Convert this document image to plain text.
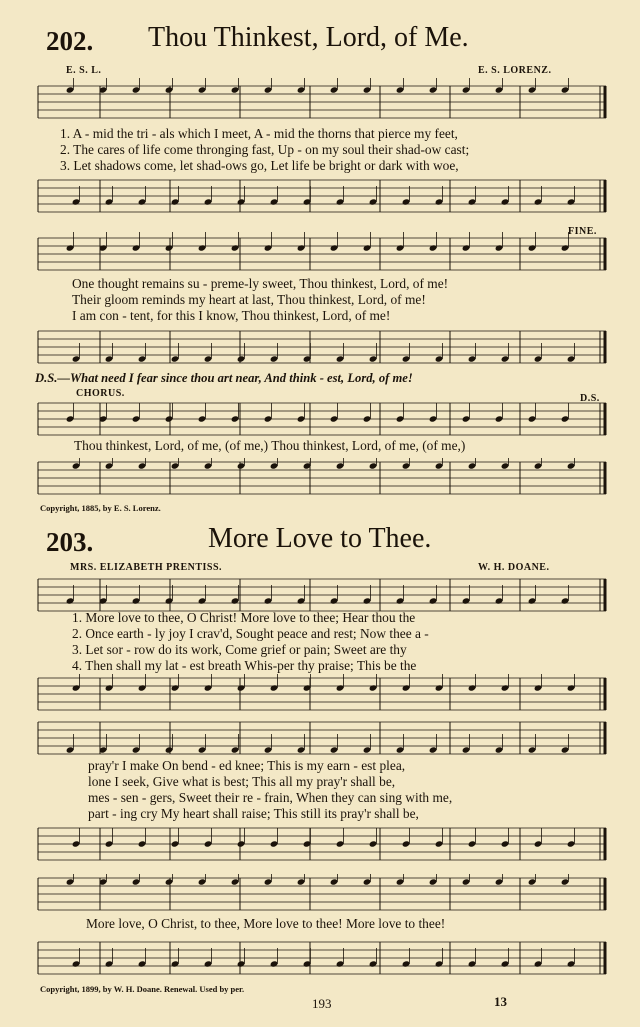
202. Thou Thinkest, Lord, of Me.
E. S. L.	E. S. LORENZ.
1. A - mid the tri - als which I meet, A - mid the thorns that pierce my feet,
2. The cares of life come thronging fast, Up - on my soul their shad-ow cast;
3. Let shadows come, let shad-ows go, Let life be bright or dark with woe,
FINE.
One thought remains su - preme-ly sweet, Thou thinkest, Lord, of me!
Their gloom reminds my heart at last, Thou thinkest, Lord, of me!
I am con - tent, for this I know, Thou thinkest, Lord, of me!
D.S.—What need I fear since thou art near, And think - est, Lord, of me!
CHORUS.	D.S.
Thou thinkest, Lord, of me, (of me,) Thou thinkest, Lord, of me, (of me,)
Copyright, 1885, by E. S. Lorenz.
203.	More Love to Thee.
MRS. ELIZABETH PRENTISS.	W. H. DOANE.
1. More love to thee, O Christ! More love to thee; Hear thou the
2. Once earth - ly joy I crav'd, Sought peace and rest; Now thee a -
3. Let sor - row do its work, Come grief or pain; Sweet are thy
4. Then shall my lat - est breath Whis-per thy praise; This be the
pray'r I make On bend - ed knee; This is my earn - est plea,
lone I seek, Give what is best; This all my pray'r shall be,
mes - sen - gers, Sweet their re - frain, When they can sing with me,
part - ing cry My heart shall raise; This still its pray'r shall be,
More love, O Christ, to thee, More love to thee! More love to thee!
Copyright, 1899, by W. H. Doane. Renewal. Used by per.
193	13
